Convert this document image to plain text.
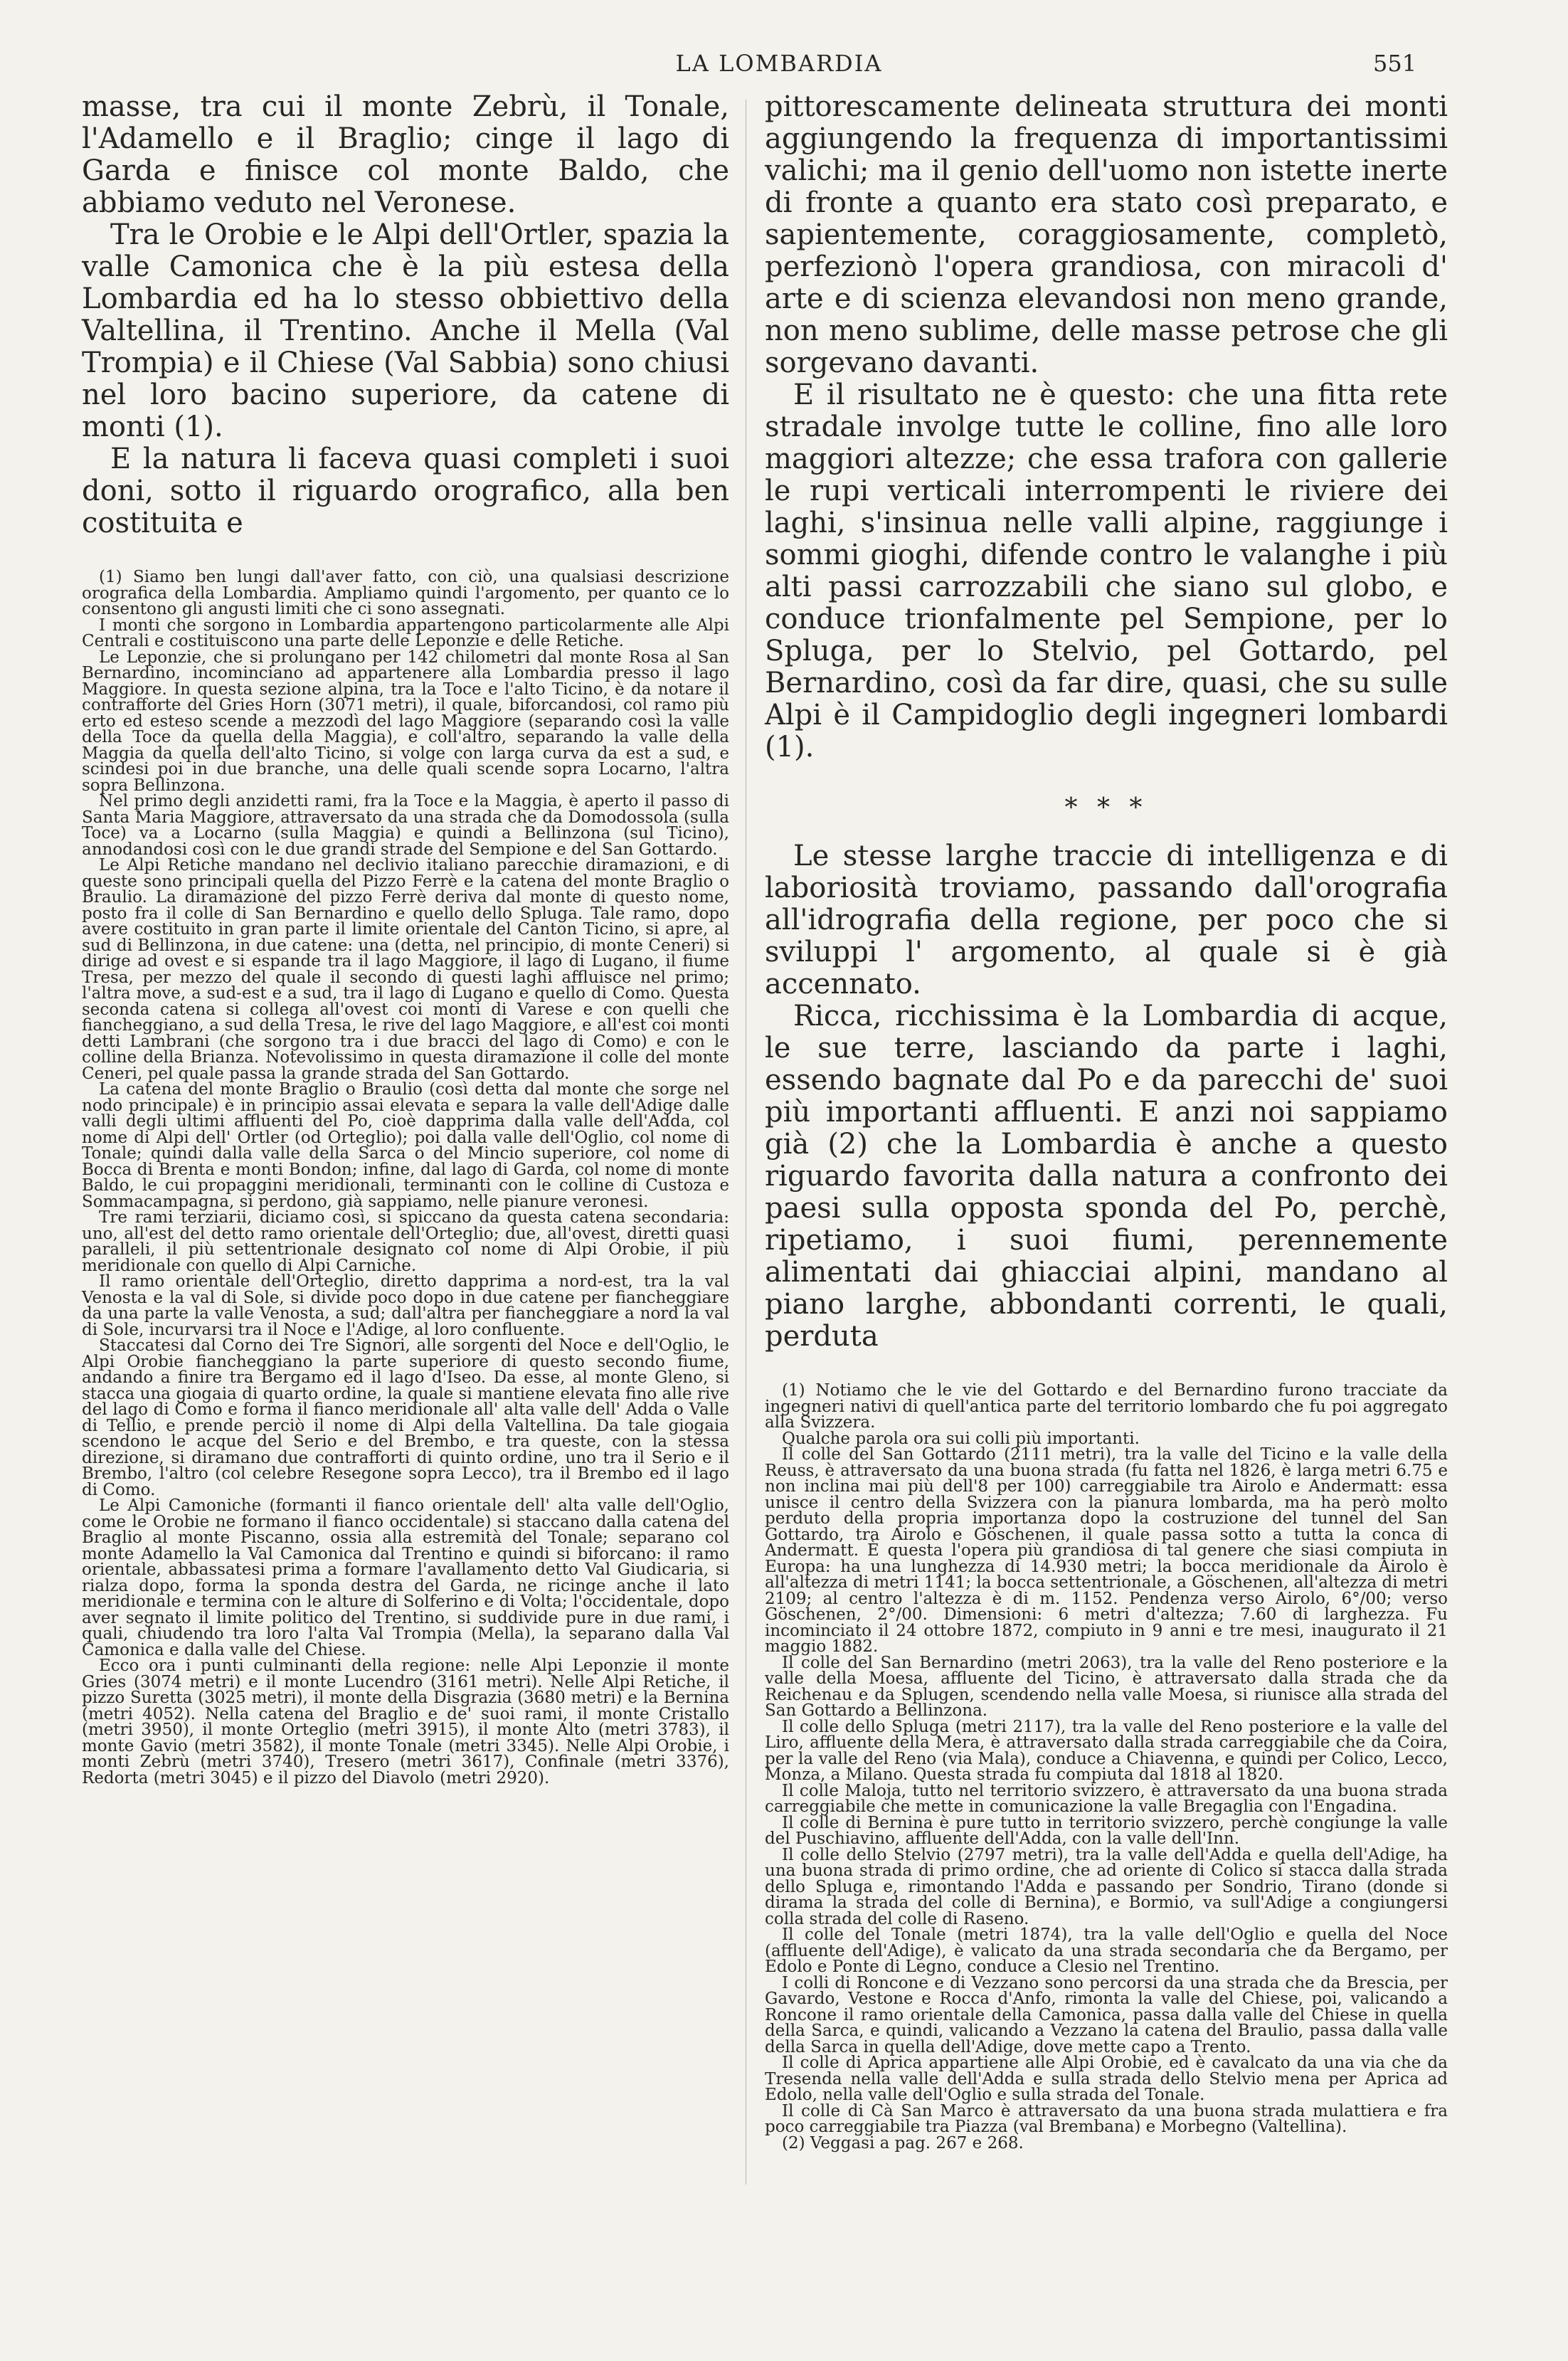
LA LOMBARDIA	551

masse, tra cui il monte Zebrù, il Tonale, l'Adamello e il Braglio; cinge il lago di Garda e finisce col monte Baldo, che abbiamo veduto nel Veronese.

Tra le Orobie e le Alpi dell'Ortler, spazia la valle Camonica che è la più estesa della Lombardia ed ha lo stesso obbiettivo della Valtellina, il Trentino. Anche il Mella (Val Trompia) e il Chiese (Val Sabbia) sono chiusi nel loro bacino superiore, da catene di monti (1).

E la natura li faceva quasi completi i suoi doni, sotto il riguardo orografico, alla ben costituita e

(1) Siamo ben lungi dall'aver fatto, con ciò, una qualsiasi descrizione orografica della Lombardia. Ampliamo quindi l'argomento, per quanto ce lo consentono gli angusti limiti che ci sono assegnati.

I monti che sorgono in Lombardia appartengono particolarmente alle Alpi Centrali e costituiscono una parte delle Leponzie e delle Retiche.

Le Leponzie, che si prolungano per 142 chilometri dal monte Rosa al San Bernardino, incominciano ad appartenere alla Lombardia presso il lago Maggiore. In questa sezione alpina, tra la Toce e l'alto Ticino, è da notare il contrafforte del Gries Horn (3071 metri), il quale, biforcandosi, col ramo più erto ed esteso scende a mezzodì del lago Maggiore (separando così la valle della Toce da quella della Maggia), e coll'altro, separando la valle della Maggia da quella dell'alto Ticino, si volge con larga curva da est a sud, e scindesi poi in due branche, una delle quali scende sopra Locarno, l'altra sopra Bellinzona.

Nel primo degli anzidetti rami, fra la Toce e la Maggia, è aperto il passo di Santa Maria Maggiore, attraversato da una strada che da Domodossola (sulla Toce) va a Locarno (sulla Maggia) e quindi a Bellinzona (sul Ticino), annodandosi così con le due grandi strade del Sempione e del San Gottardo.

Le Alpi Retiche mandano nel declivio italiano parecchie diramazioni, e di queste sono principali quella del Pizzo Ferrè e la catena del monte Braglio o Braulio. La diramazione del pizzo Ferrè deriva dal monte di questo nome, posto fra il colle di San Bernardino e quello dello Spluga. Tale ramo, dopo avere costituito in gran parte il limite orientale del Canton Ticino, si apre, al sud di Bellinzona, in due catene: una (detta, nel principio, di monte Ceneri) si dirige ad ovest e si espande tra il lago Maggiore, il lago di Lugano, il fiume Tresa, per mezzo del quale il secondo di questi laghi affluisce nel primo; l'altra move, a sud-est e a sud, tra il lago di Lugano e quello di Como. Questa seconda catena si collega all'ovest coi monti di Varese e con quelli che fiancheggiano, a sud della Tresa, le rive del lago Maggiore, e all'est coi monti detti Lambrani (che sorgono tra i due bracci del lago di Como) e con le colline della Brianza. Notevolissimo in questa diramazione il colle del monte Ceneri, pel quale passa la grande strada del San Gottardo.

La catena del monte Braglio o Braulio (così detta dal monte che sorge nel nodo principale) è in principio assai elevata e separa la valle dell'Adige dalle valli degli ultimi affluenti del Po, cioè dapprima dalla valle dell'Adda, col nome di Alpi dell' Ortler (od Orteglio); poi dalla valle dell'Oglio, col nome di Tonale; quindi dalla valle della Sarca o del Mincio superiore, col nome di Bocca di Brenta e monti Bondon; infine, dal lago di Garda, col nome di monte Baldo, le cui propaggini meridionali, terminanti con le colline di Custoza e Sommacampagna, si perdono, già sappiamo, nelle pianure veronesi.

Tre rami terziarii, diciamo così, si spiccano da questa catena secondaria: uno, all'est del detto ramo orientale dell'Orteglio; due, all'ovest, diretti quasi paralleli, il più settentrionale designato col nome di Alpi Orobie, il più meridionale con quello di Alpi Carniche.

Il ramo orientale dell'Orteglio, diretto dapprima a nord-est, tra la val Venosta e la val di Sole, si divide poco dopo in due catene per fiancheggiare da una parte la valle Venosta, a sud; dall'altra per fiancheggiare a nord la val di Sole, incurvarsi tra il Noce e l'Adige, al loro confluente.

Staccatesi dal Corno dei Tre Signori, alle sorgenti del Noce e dell'Oglio, le Alpi Orobie fiancheggiano la parte superiore di questo secondo fiume, andando a finire tra Bergamo ed il lago d'Iseo. Da esse, al monte Gleno, si stacca una giogaia di quarto ordine, la quale si mantiene elevata fino alle rive del lago di Como e forma il fianco meridionale all' alta valle dell' Adda o Valle di Tellio, e prende perciò il nome di Alpi della Valtellina. Da tale giogaia scendono le acque del Serio e del Brembo, e tra queste, con la stessa direzione, si diramano due contrafforti di quinto ordine, uno tra il Serio e il Brembo, l'altro (col celebre Resegone sopra Lecco), tra il Brembo ed il lago di Como.

Le Alpi Camoniche (formanti il fianco orientale dell' alta valle dell'Oglio, come le Orobie ne formano il fianco occidentale) si staccano dalla catena del Braglio al monte Piscanno, ossia alla estremità del Tonale; separano col monte Adamello la Val Camonica dal Trentino e quindi si biforcano: il ramo orientale, abbassatesi prima a formare l'avallamento detto Val Giudicaria, si rialza dopo, forma la sponda destra del Garda, ne ricinge anche il lato meridionale e termina con le alture di Solferino e di Volta; l'occidentale, dopo aver segnato il limite politico del Trentino, si suddivide pure in due rami, i quali, chiudendo tra loro l'alta Val Trompia (Mella), la separano dalla Val Camonica e dalla valle del Chiese.

Ecco ora i punti culminanti della regione: nelle Alpi Leponzie il monte Gries (3074 metri) e il monte Lucendro (3161 metri). Nelle Alpi Retiche, il pizzo Suretta (3025 metri), il monte della Disgrazia (3680 metri) e la Bernina (metri 4052). Nella catena del Braglio e de' suoi rami, il monte Cristallo (metri 3950), il monte Orteglio (metri 3915), il monte Alto (metri 3783), il monte Gavio (metri 3582), il monte Tonale (metri 3345). Nelle Alpi Orobie, i monti Zebrù (metri 3740), Tresero (metri 3617), Confinale (metri 3376), Redorta (metri 3045) e il pizzo del Diavolo (metri 2920).

pittorescamente delineata struttura dei monti aggiungendo la frequenza di importantissimi valichi; ma il genio dell'uomo non istette inerte di fronte a quanto era stato così preparato, e sapientemente, coraggiosamente, completò, perfezionò l'opera grandiosa, con miracoli d' arte e di scienza elevandosi non meno grande, non meno sublime, delle masse petrose che gli sorgevano davanti.

E il risultato ne è questo: che una fitta rete stradale involge tutte le colline, fino alle loro maggiori altezze; che essa trafora con gallerie le rupi verticali interrompenti le riviere dei laghi, s'insinua nelle valli alpine, raggiunge i sommi gioghi, difende contro le valanghe i più alti passi carrozzabili che siano sul globo, e conduce trionfalmente pel Sempione, per lo Spluga, per lo Stelvio, pel Gottardo, pel Bernardino, così da far dire, quasi, che su sulle Alpi è il Campidoglio degli ingegneri lombardi (1).

* * *

Le stesse larghe traccie di intelligenza e di laboriosità troviamo, passando dall'orografia all'idrografia della regione, per poco che si sviluppi l' argomento, al quale si è già accennato.

Ricca, ricchissima è la Lombardia di acque, le sue terre, lasciando da parte i laghi, essendo bagnate dal Po e da parecchi de' suoi più importanti affluenti. E anzi noi sappiamo già (2) che la Lombardia è anche a questo riguardo favorita dalla natura a confronto dei paesi sulla opposta sponda del Po, perchè, ripetiamo, i suoi fiumi, perennemente alimentati dai ghiacciai alpini, mandano al piano larghe, abbondanti correnti, le quali, perduta

(1) Notiamo che le vie del Gottardo e del Bernardino furono tracciate da ingegneri nativi di quell'antica parte del territorio lombardo che fu poi aggregato alla Svizzera.

Qualche parola ora sui colli più importanti.

Il colle del San Gottardo (2111 metri), tra la valle del Ticino e la valle della Reuss, è attraversato da una buona strada (fu fatta nel 1826, è larga metri 6.75 e non inclina mai più dell'8 per 100) carreggiabile tra Airolo e Andermatt: essa unisce il centro della Svizzera con la pianura lombarda, ma ha però molto perduto della propria importanza dopo la costruzione del tunnel del San Gottardo, tra Airolo e Göschenen, il quale passa sotto a tutta la conca di Andermatt. È questa l'opera più grandiosa di tal genere che siasi compiuta in Europa: ha una lunghezza di 14.930 metri; la bocca meridionale da Airolo è all'altezza di metri 1141; la bocca settentrionale, a Göschenen, all'altezza di metri 2109; al centro l'altezza è di m. 1152. Pendenza verso Airolo, 6°/00; verso Göschenen, 2°/00. Dimensioni: 6 metri d'altezza; 7.60 di larghezza. Fu incominciato il 24 ottobre 1872, compiuto in 9 anni e tre mesi, inaugurato il 21 maggio 1882.

Il colle del San Bernardino (metri 2063), tra la valle del Reno posteriore e la valle della Moesa, affluente del Ticino, è attraversato dalla strada che da Reichenau e da Splugen, scendendo nella valle Moesa, si riunisce alla strada del San Gottardo a Bellinzona.

Il colle dello Spluga (metri 2117), tra la valle del Reno posteriore e la valle del Liro, affluente della Mera, è attraversato dalla strada carreggiabile che da Coira, per la valle del Reno (via Mala), conduce a Chiavenna, e quindi per Colico, Lecco, Monza, a Milano. Questa strada fu compiuta dal 1818 al 1820.

Il colle Maloja, tutto nel territorio svizzero, è attraversato da una buona strada carreggiabile che mette in comunicazione la valle Bregaglia con l'Engadina.

Il colle di Bernina è pure tutto in territorio svizzero, perchè congiunge la valle del Puschiavino, affluente dell'Adda, con la valle dell'Inn.

Il colle dello Stelvio (2797 metri), tra la valle dell'Adda e quella dell'Adige, ha una buona strada di primo ordine, che ad oriente di Colico si stacca dalla strada dello Spluga e, rimontando l'Adda e passando per Sondrio, Tirano (donde si dirama la strada del colle di Bernina), e Bormio, va sull'Adige a congiungersi colla strada del colle di Raseno.

Il colle del Tonale (metri 1874), tra la valle dell'Oglio e quella del Noce (affluente dell'Adige), è valicato da una strada secondaria che da Bergamo, per Edolo e Ponte di Legno, conduce a Clesio nel Trentino.

I colli di Roncone e di Vezzano sono percorsi da una strada che da Brescia, per Gavardo, Vestone e Rocca d'Anfo, rimonta la valle del Chiese, poi, valicando a Roncone il ramo orientale della Camonica, passa dalla valle del Chiese in quella della Sarca, e quindi, valicando a Vezzano la catena del Braulio, passa dalla valle della Sarca in quella dell'Adige, dove mette capo a Trento.

Il colle di Aprica appartiene alle Alpi Orobie, ed è cavalcato da una via che da Tresenda nella valle dell'Adda e sulla strada dello Stelvio mena per Aprica ad Edolo, nella valle dell'Oglio e sulla strada del Tonale.

Il colle di Cà San Marco è attraversato da una buona strada mulattiera e fra poco carreggiabile tra Piazza (val Brembana) e Morbegno (Valtellina).

(2) Veggasi a pag. 267 e 268.
